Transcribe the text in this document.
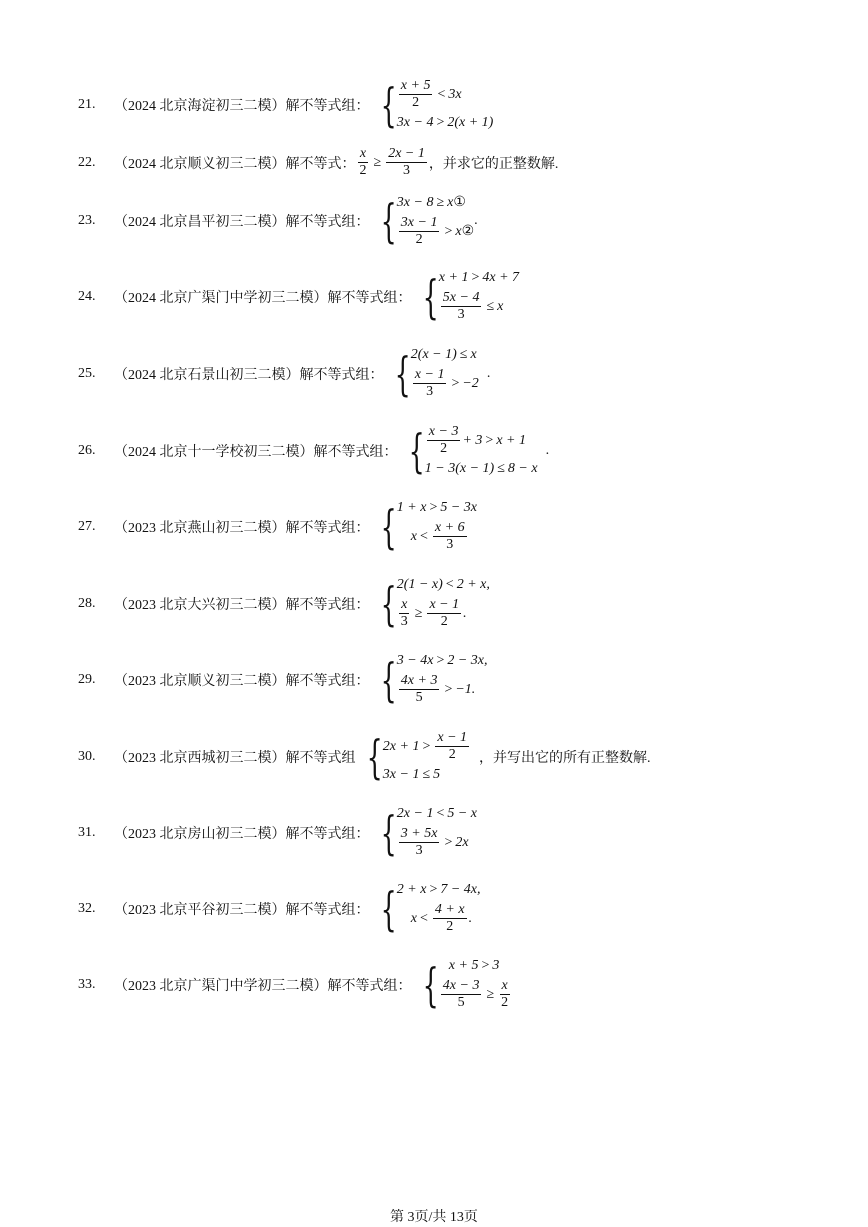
21.	（2024 北京海淀初三二模）解不等式组： { $\frac{x + 5}{2} < 3x$
3x − 4 > 2(x + 1)
22.	（2024 北京顺义初三二模）解不等式： $\frac{x}{2} \ge \frac{2x - 1}{3}$ ，并求它的正整数解.
23.	（2024 北京昌平初三二模）解不等式组： { 3x − 8 ≥ x ①
$\frac{3x - 1}{2} > x$ ②
.
24.	（2024 北京广渠门中学初三二模）解不等式组： { x + 1 > 4x + 7
$\frac{5x - 4}{3} \le x$
25.	（2024 北京石景山初三二模）解不等式组： { 2(x − 1) ≤ x
$\frac{x - 1}{3} > -2$
.
26.	（2024 北京十一学校初三二模）解不等式组： { $\frac{x - 3}{2} + 3 > x + 1$
1 − 3(x − 1) ≤ 8 − x
.
27.	（2023 北京燕山初三二模）解不等式组： { 1 + x > 5 − 3x
$x < \frac{x + 6}{3}$
28.	（2023 北京大兴初三二模）解不等式组： { 2(1 − x) < 2 + x,
$\frac{x}{3} \ge \frac{x - 1}{2}$ .
29.	（2023 北京顺义初三二模）解不等式组： { 3 − 4x > 2 − 3x,
$\frac{4x + 3}{5} > -1$.
30.	（2023 北京西城初三二模）解不等式组 { $2x + 1 > \frac{x - 1}{2}$
3x − 1 ≤ 5
，并写出它的所有正整数解.
31.	（2023 北京房山初三二模）解不等式组： { 2x − 1 < 5 − x
$\frac{3 + 5x}{3} > 2x$
32.	（2023 北京平谷初三二模）解不等式组： { 2 + x > 7 − 4x,
$x < \frac{4 + x}{2}$ .
33.	（2023 北京广渠门中学初三二模）解不等式组： { x + 5 > 3
$\frac{4x - 3}{5} \ge \frac{x}{2}$
第 3页/共 13页
